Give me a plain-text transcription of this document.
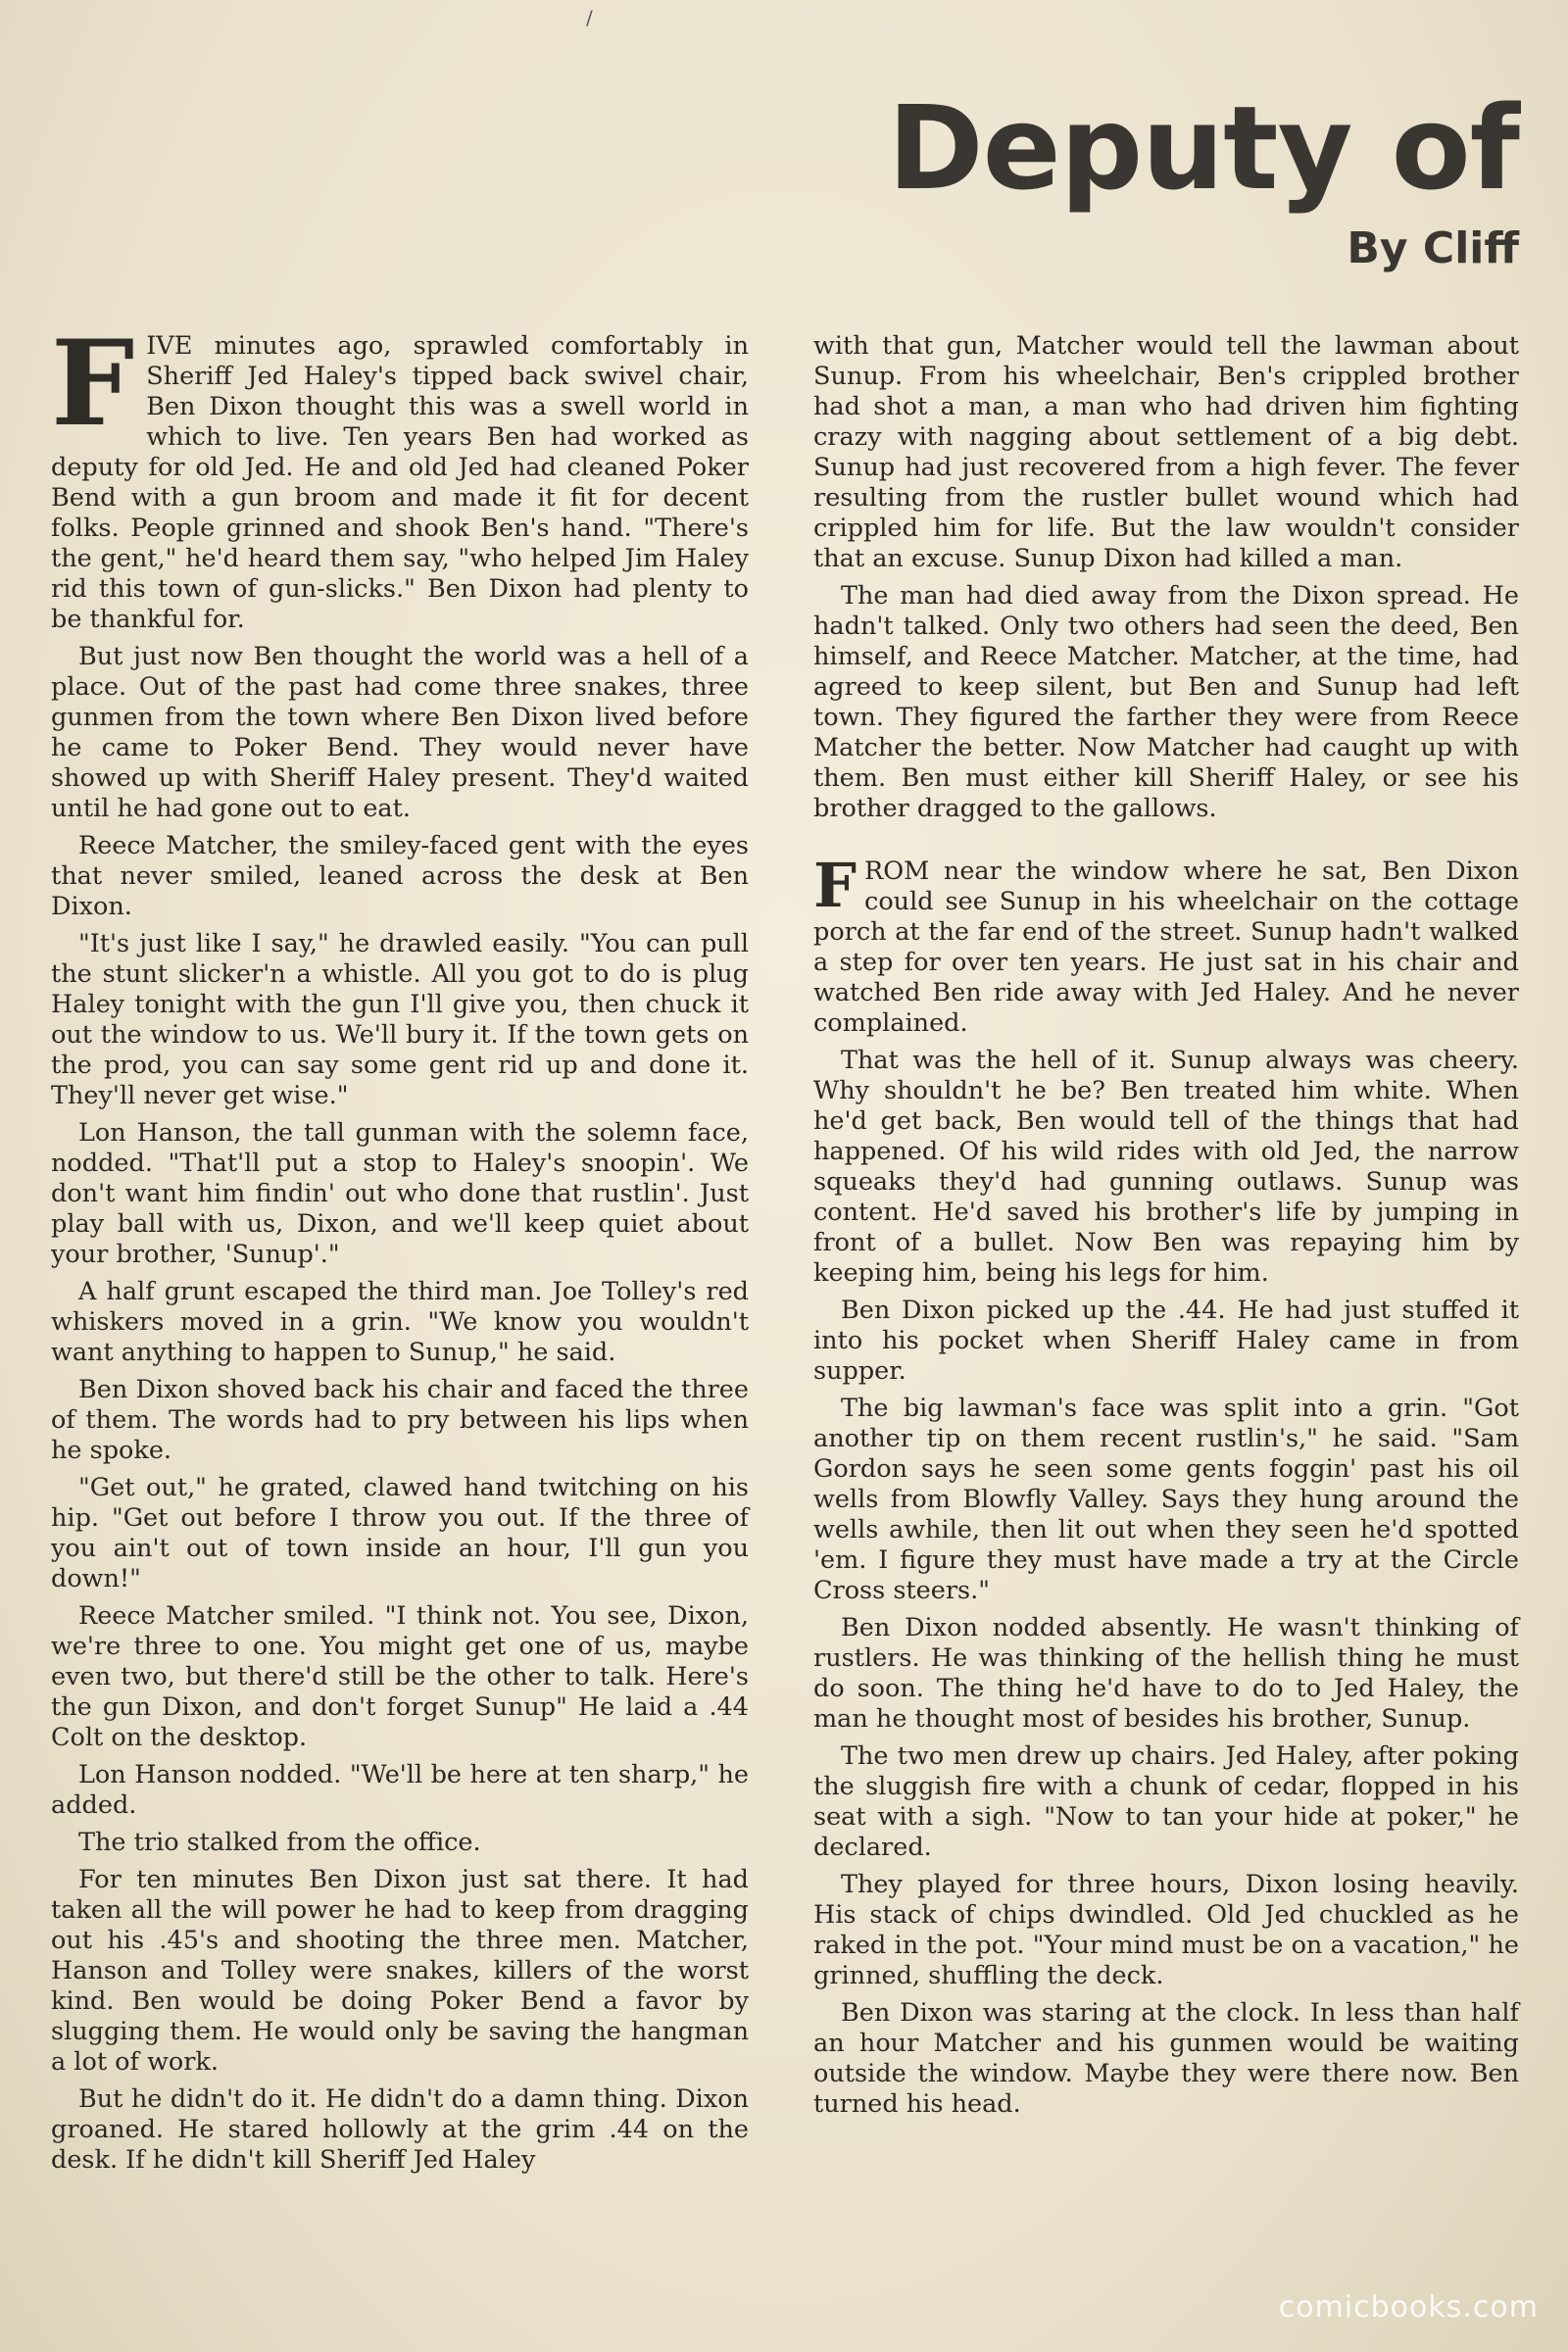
/
Deputy of
By Cliff

FIVE minutes ago, sprawled comfortably in Sheriff Jed Haley's tipped back swivel chair, Ben Dixon thought this was a swell world in which to live. Ten years Ben had worked as deputy for old Jed. He and old Jed had cleaned Poker Bend with a gun broom and made it fit for decent folks. People grinned and shook Ben's hand. "There's the gent," he'd heard them say, "who helped Jim Haley rid this town of gun-slicks." Ben Dixon had plenty to be thankful for.

But just now Ben thought the world was a hell of a place. Out of the past had come three snakes, three gunmen from the town where Ben Dixon lived before he came to Poker Bend. They would never have showed up with Sheriff Haley present. They'd waited until he had gone out to eat.

Reece Matcher, the smiley-faced gent with the eyes that never smiled, leaned across the desk at Ben Dixon.

"It's just like I say," he drawled easily. "You can pull the stunt slicker'n a whistle. All you got to do is plug Haley tonight with the gun I'll give you, then chuck it out the window to us. We'll bury it. If the town gets on the prod, you can say some gent rid up and done it. They'll never get wise."

Lon Hanson, the tall gunman with the solemn face, nodded. "That'll put a stop to Haley's snoopin'. We don't want him findin' out who done that rustlin'. Just play ball with us, Dixon, and we'll keep quiet about your brother, 'Sunup'."

A half grunt escaped the third man. Joe Tolley's red whiskers moved in a grin. "We know you wouldn't want anything to happen to Sunup," he said.

Ben Dixon shoved back his chair and faced the three of them. The words had to pry between his lips when he spoke.

"Get out," he grated, clawed hand twitching on his hip. "Get out before I throw you out. If the three of you ain't out of town inside an hour, I'll gun you down!"

Reece Matcher smiled. "I think not. You see, Dixon, we're three to one. You might get one of us, maybe even two, but there'd still be the other to talk. Here's the gun Dixon, and don't forget Sunup" He laid a .44 Colt on the desktop.

Lon Hanson nodded. "We'll be here at ten sharp," he added.

The trio stalked from the office.

For ten minutes Ben Dixon just sat there. It had taken all the will power he had to keep from dragging out his .45's and shooting the three men. Matcher, Hanson and Tolley were snakes, killers of the worst kind. Ben would be doing Poker Bend a favor by slugging them. He would only be saving the hangman a lot of work.

But he didn't do it. He didn't do a damn thing. Dixon groaned. He stared hollowly at the grim .44 on the desk. If he didn't kill Sheriff Jed Haley

with that gun, Matcher would tell the lawman about Sunup. From his wheelchair, Ben's crippled brother had shot a man, a man who had driven him fighting crazy with nagging about settlement of a big debt. Sunup had just recovered from a high fever. The fever resulting from the rustler bullet wound which had crippled him for life. But the law wouldn't consider that an excuse. Sunup Dixon had killed a man.

The man had died away from the Dixon spread. He hadn't talked. Only two others had seen the deed, Ben himself, and Reece Matcher. Matcher, at the time, had agreed to keep silent, but Ben and Sunup had left town. They figured the farther they were from Reece Matcher the better. Now Matcher had caught up with them. Ben must either kill Sheriff Haley, or see his brother dragged to the gallows.

FROM near the window where he sat, Ben Dixon could see Sunup in his wheelchair on the cottage porch at the far end of the street. Sunup hadn't walked a step for over ten years. He just sat in his chair and watched Ben ride away with Jed Haley. And he never complained.

That was the hell of it. Sunup always was cheery. Why shouldn't he be? Ben treated him white. When he'd get back, Ben would tell of the things that had happened. Of his wild rides with old Jed, the narrow squeaks they'd had gunning outlaws. Sunup was content. He'd saved his brother's life by jumping in front of a bullet. Now Ben was repaying him by keeping him, being his legs for him.

Ben Dixon picked up the .44. He had just stuffed it into his pocket when Sheriff Haley came in from supper.

The big lawman's face was split into a grin. "Got another tip on them recent rustlin's," he said. "Sam Gordon says he seen some gents foggin' past his oil wells from Blowfly Valley. Says they hung around the wells awhile, then lit out when they seen he'd spotted 'em. I figure they must have made a try at the Circle Cross steers."

Ben Dixon nodded absently. He wasn't thinking of rustlers. He was thinking of the hellish thing he must do soon. The thing he'd have to do to Jed Haley, the man he thought most of besides his brother, Sunup.

The two men drew up chairs. Jed Haley, after poking the sluggish fire with a chunk of cedar, flopped in his seat with a sigh. "Now to tan your hide at poker," he declared.

They played for three hours, Dixon losing heavily. His stack of chips dwindled. Old Jed chuckled as he raked in the pot. "Your mind must be on a vacation," he grinned, shuffling the deck.

Ben Dixon was staring at the clock. In less than half an hour Matcher and his gunmen would be waiting outside the window. Maybe they were there now. Ben turned his head.

comicbooks.com
